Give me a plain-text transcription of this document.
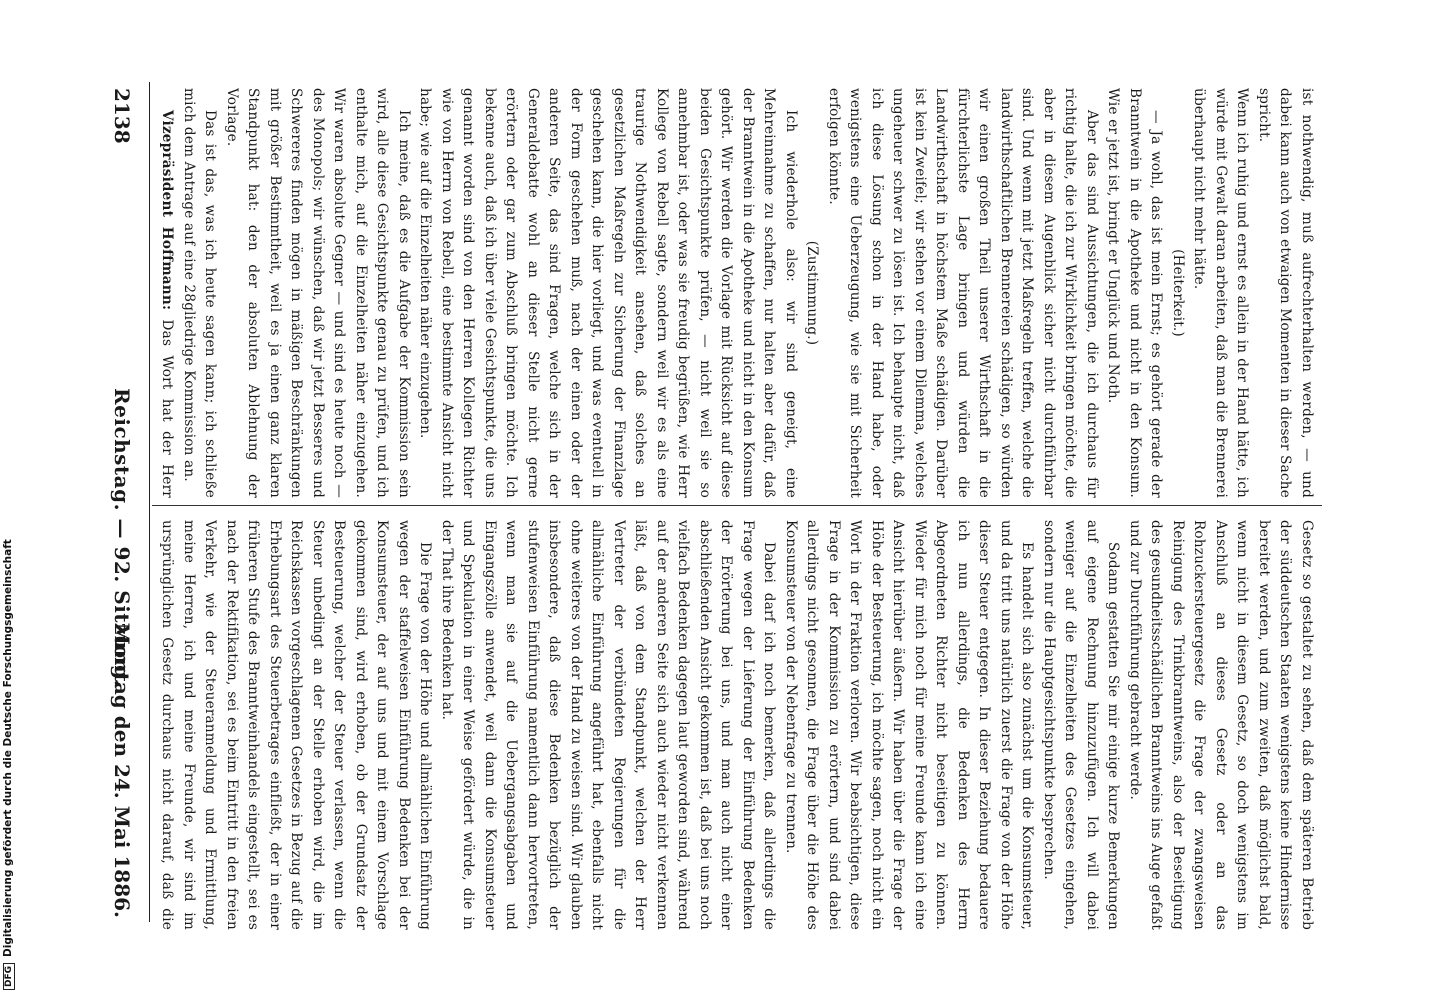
2138
Reichstag. — 92. Sitzung.
Montag den 24. Mai 1886.

ist nothwendig, muß aufrechterhalten werden, — und dabei kann auch von etwaigen Momenten in dieser Sache spricht.

Wenn ich ruhig und ernst es allein in der Hand hätte, ich würde mit Gewalt daran arbeiten, daß man die Brennerei überhaupt nicht mehr hätte.

(Heiterkeit.)

— Ja wohl, das ist mein Ernst; es gehört gerade der Branntwein in die Apotheke und nicht in den Konsum. Wie er jetzt ist, bringt er Unglück und Noth.

Aber das sind Aussichtungen, die ich durchaus für richtig halte, die ich zur Wirklichkeit bringen möchte, die aber in diesem Augenblick sicher nicht durchführbar sind. Und wenn mit jetzt Maßregeln treffen, welche die landwirthschaftlichen Brennereien schädigen, so würden wir einen großen Theil unserer Wirthschaft in die fürchterlichste Lage bringen und würden die Landwirthschaft in höchstem Maße schädigen. Darüber ist kein Zweifel; wir stehen vor einem Dilemma, welches ungeheuer schwer zu lösen ist. Ich behaupte nicht, daß ich diese Lösung schon in der Hand habe, oder wenigstens eine Ueberzeugung, wie sie mit Sicherheit erfolgen könnte.

(Zustimmung.)

Ich wiederhole also: wir sind geneigt, eine Mehreinnahme zu schaffen, nur halten aber dafür, daß der Branntwein in die Apotheke und nicht in den Konsum gehört. Wir werden die Vorlage mit Rücksicht auf diese beiden Gesichtspunkte prüfen, — nicht weil sie so annehmbar ist, oder was sie freudig begrüßen, wie Herr Kollege von Rebell sagte, sondern weil wir es als eine traurige Nothwendigkeit ansehen, daß solches an gesetzlichen Maßregeln zur Sicherung der Finanzlage geschehen kann, die hier vorliegt, und was eventuell in der Form geschehen muß, nach der einen oder der anderen Seite, das sind Fragen, welche sich in der Generaldebatte wohl an dieser Stelle nicht gerne erörtern oder gar zum Abschluß bringen möchte. Ich bekenne auch, daß ich über viele Gesichtspunkte, die uns genannt worden sind von den Herren Kollegen Richter wie von Herrn von Rebell, eine bestimmte Ansicht nicht habe; wie auf die Einzelheiten näher einzugehen.

Ich meine, daß es die Aufgabe der Kommission sein wird, alle diese Gesichtspunkte genau zu prüfen, und ich enthalte mich, auf die Einzelheiten näher einzugehen. Wir waren absolute Gegner — und sind es heute noch — des Monopols; wir wünschen, daß wir jetzt Besseres und Schwereres finden mögen in mäßigen Beschränkungen mit größer Bestimmtheit, weil es ja einen ganz klaren Standpunkt hat: den der absoluten Ablehnung der Vorlage.

Das ist das, was ich heute sagen kann; ich schließe mich dem Antrage auf eine 28gliedrige Kommission an.

Vizepräsident Hoffmann: Das Wort hat der Herr

Gesetz so gestaltet zu sehen, daß dem späteren Betrieb der süddeutschen Staaten wenigstens keine Hindernisse bereitet werden, und zum zweiten, daß möglichst bald, wenn nicht in diesem Gesetz, so doch wenigstens im Anschluß an dieses Gesetz oder an das Rohzuckersteuergesetz die Frage der zwangsweisen Reinigung des Trinkbranntweins, also der Beseitigung des gesundheitsschädlichen Branntweins ins Auge gefaßt und zur Durchführung gebracht werde.

Sodann gestatten Sie mir einige kurze Bemerkungen auf eigene Rechnung hinzuzufügen. Ich will dabei weniger auf die Einzelheiten des Gesetzes eingehen, sondern nur die Hauptgesichtspunkte besprechen.

Es handelt sich also zunächst um die Konsumsteuer, und da tritt uns natürlich zuerst die Frage von der Höhe dieser Steuer entgegen. In dieser Beziehung bedauere ich nun allerdings, die Bedenken des Herrn Abgeordneten Richter nicht beseitigen zu können. Wieder für mich noch für meine Freunde kann ich eine Ansicht hierüber äußern. Wir haben über die Frage der Höhe der Besteuerung, ich möchte sagen, noch nicht ein Wort in der Fraktion verloren. Wir beabsichtigen, diese Frage in der Kommission zu erörtern, und sind dabei allerdings nicht gesonnen, die Frage über die Höhe des Konsumsteuer von der Nebenfrage zu trennen.

Dabei darf ich noch bemerken, daß allerdings die Frage wegen der Lieferung der Einführung Bedenken der Erörterung bei uns, und man auch nicht einer abschließenden Ansicht gekommen ist, daß bei uns noch vielfach Bedenken dagegen laut geworden sind, während auf der anderen Seite sich auch wieder nicht verkennen läßt, daß von dem Standpunkt, welchen der Herr Vertreter der verbündeten Regierungen für die allmähliche Einführung angeführt hat, ebenfalls nicht ohne weiteres von der Hand zu weisen sind. Wir glauben insbesondere, daß diese Bedenken bezüglich der stufenweisen Einführung namentlich dann hervortreten, wenn man sie auf die Uebergangsabgaben und Eingangszölle anwendet, weil dann die Konsumsteuer und Spekulation in einer Weise gefördert würde, die in der That ihre Bedenken hat.

Die Frage von der Höhe und allmählichen Einführung wegen der staffelweisen Einführung Bedenken bei der Konsumsteuer, der auf uns und mit einem Vorschlage gekommen sind, wird erhoben, ob der Grundsatz der Besteuerung, welcher der Steuer verlassen, wenn die Steuer unbedingt an der Stelle erhoben wird, die im Reichskassen vorgeschlagenen Gesetzes in Bezug auf die Erhebungsart des Steuerbetrages einfließt, der in einer früheren Stufe des Branntweinhandels eingestellt, sei es nach der Rektifikation, sei es beim Eintritt in den freien Verkehr, wie der Steueranmeldung und Ermittlung, meine Herren, ich und meine Freunde, wir sind im ursprünglichen Gesetz durchaus nicht darauf, daß die

DFGDigitalisierung gefördert durch die Deutsche Forschungsgemeinschaft
